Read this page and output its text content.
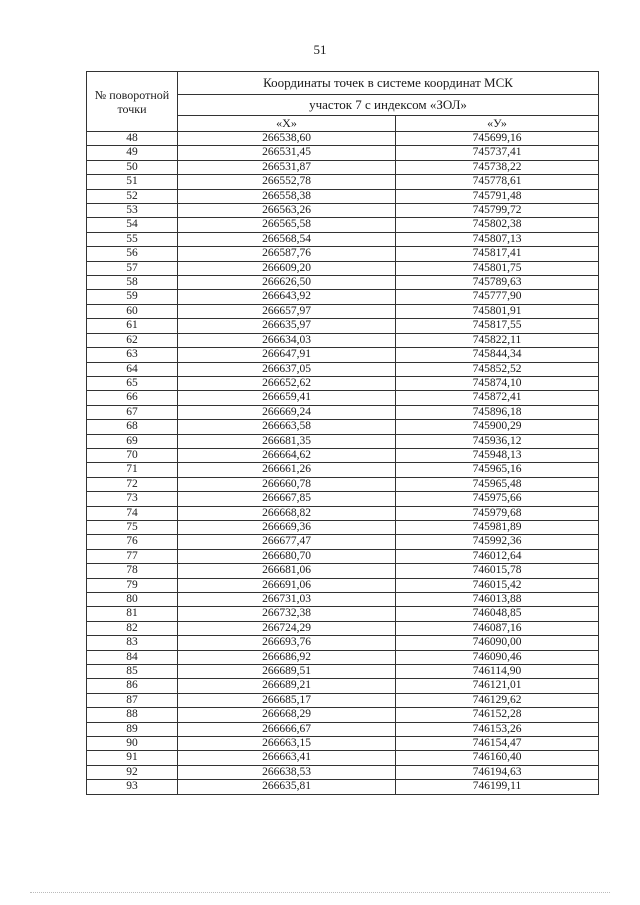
51
№ поворотной точки	Координаты точек в системе координат МСК	
	участок 7 с индексом «ЗОЛ»	
	«X»	«У»
48	266538,60	745699,16
49	266531,45	745737,41
50	266531,87	745738,22
51	266552,78	745778,61
52	266558,38	745791,48
53	266563,26	745799,72
54	266565,58	745802,38
55	266568,54	745807,13
56	266587,76	745817,41
57	266609,20	745801,75
58	266626,50	745789,63
59	266643,92	745777,90
60	266657,97	745801,91
61	266635,97	745817,55
62	266634,03	745822,11
63	266647,91	745844,34
64	266637,05	745852,52
65	266652,62	745874,10
66	266659,41	745872,41
67	266669,24	745896,18
68	266663,58	745900,29
69	266681,35	745936,12
70	266664,62	745948,13
71	266661,26	745965,16
72	266660,78	745965,48
73	266667,85	745975,66
74	266668,82	745979,68
75	266669,36	745981,89
76	266677,47	745992,36
77	266680,70	746012,64
78	266681,06	746015,78
79	266691,06	746015,42
80	266731,03	746013,88
81	266732,38	746048,85
82	266724,29	746087,16
83	266693,76	746090,00
84	266686,92	746090,46
85	266689,51	746114,90
86	266689,21	746121,01
87	266685,17	746129,62
88	266668,29	746152,28
89	266666,67	746153,26
90	266663,15	746154,47
91	266663,41	746160,40
92	266638,53	746194,63
93	266635,81	746199,11
